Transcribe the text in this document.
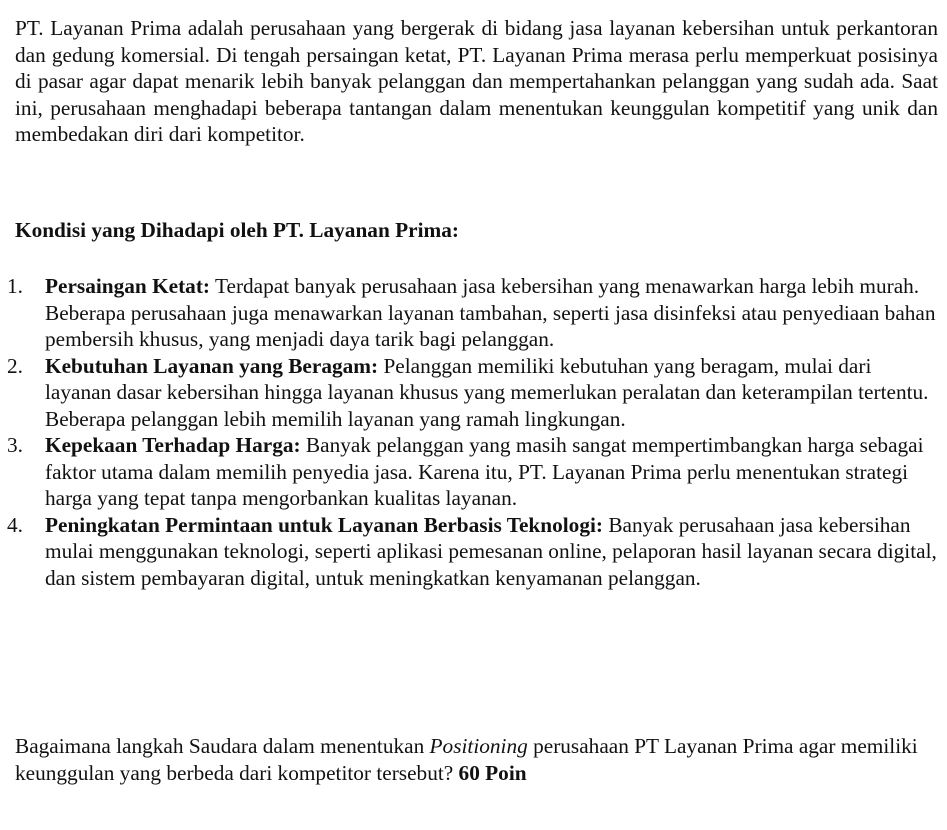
PT. Layanan Prima adalah perusahaan yang bergerak di bidang jasa layanan kebersihan untuk perkantoran dan gedung komersial. Di tengah persaingan ketat, PT. Layanan Prima merasa perlu memperkuat posisinya di pasar agar dapat menarik lebih banyak pelanggan dan mempertahankan pelanggan yang sudah ada. Saat ini, perusahaan menghadapi beberapa tantangan dalam menentukan keunggulan kompetitif yang unik dan membedakan diri dari kompetitor.

Kondisi yang Dihadapi oleh PT. Layanan Prima:
1. Persaingan Ketat: Terdapat banyak perusahaan jasa kebersihan yang menawarkan harga lebih murah. Beberapa perusahaan juga menawarkan layanan tambahan, seperti jasa disinfeksi atau penyediaan bahan pembersih khusus, yang menjadi daya tarik bagi pelanggan.
2. Kebutuhan Layanan yang Beragam: Pelanggan memiliki kebutuhan yang beragam, mulai dari layanan dasar kebersihan hingga layanan khusus yang memerlukan peralatan dan keterampilan tertentu. Beberapa pelanggan lebih memilih layanan yang ramah lingkungan.
3. Kepekaan Terhadap Harga: Banyak pelanggan yang masih sangat mempertimbangkan harga sebagai faktor utama dalam memilih penyedia jasa. Karena itu, PT. Layanan Prima perlu menentukan strategi harga yang tepat tanpa mengorbankan kualitas layanan.
4. Peningkatan Permintaan untuk Layanan Berbasis Teknologi: Banyak perusahaan jasa kebersihan mulai menggunakan teknologi, seperti aplikasi pemesanan online, pelaporan hasil layanan secara digital, dan sistem pembayaran digital, untuk meningkatkan kenyamanan pelanggan.

Bagaimana langkah Saudara dalam menentukan Positioning perusahaan PT Layanan Prima agar memiliki keunggulan yang berbeda dari kompetitor tersebut? 60 Poin
